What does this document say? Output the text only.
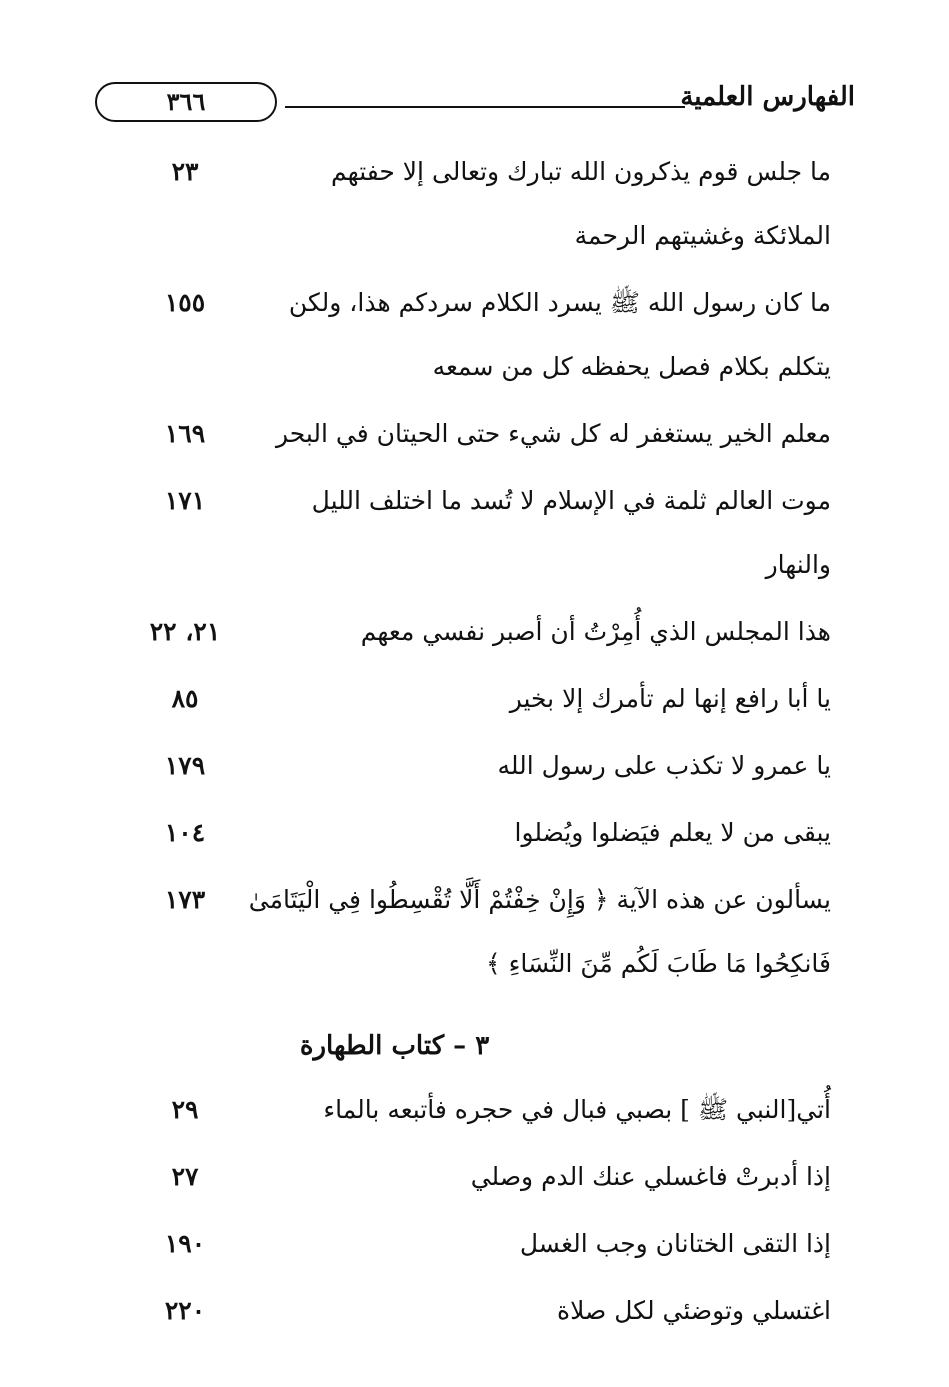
الفهارس العلمية
٣٦٦
ما جلس قوم يذكرون الله تبارك وتعالى إلا حفتهم
الملائكة وغشيتهم الرحمة
٢٣
ما كان رسول الله ﷺ يسرد الكلام سردكم هذا، ولكن
يتكلم بكلام فصل يحفظه كل من سمعه
١٥٥
معلم الخير يستغفر له كل شيء حتى الحيتان في البحر
١٦٩
موت العالم ثلمة في الإسلام لا تُسد ما اختلف الليل
والنهار
١٧١
هذا المجلس الذي أُمِرْتُ أن أصبر نفسي معهم
٢١، ٢٢
يا أبا رافع إنها لم تأمرك إلا بخير
٨٥
يا عمرو لا تكذب على رسول الله
١٧٩
يبقى من لا يعلم فيَضلوا ويُضلوا
١٠٤
يسألون عن هذه الآية ﴿ وَإِنْ خِفْتُمْ أَلَّا تُقْسِطُوا فِي الْيَتَامَىٰ
فَانكِحُوا مَا طَابَ لَكُم مِّنَ النِّسَاءِ ﴾
١٧٣
٣ – كتاب الطهارة
أُتي[النبي ﷺ ] بصبي فبال في حجره فأتبعه بالماء
٢٩
إذا أدبرتْ فاغسلي عنك الدم وصلي
٢٧
إذا التقى الختانان وجب الغسل
١٩٠
اغتسلي وتوضئي لكل صلاة
٢٢٠
